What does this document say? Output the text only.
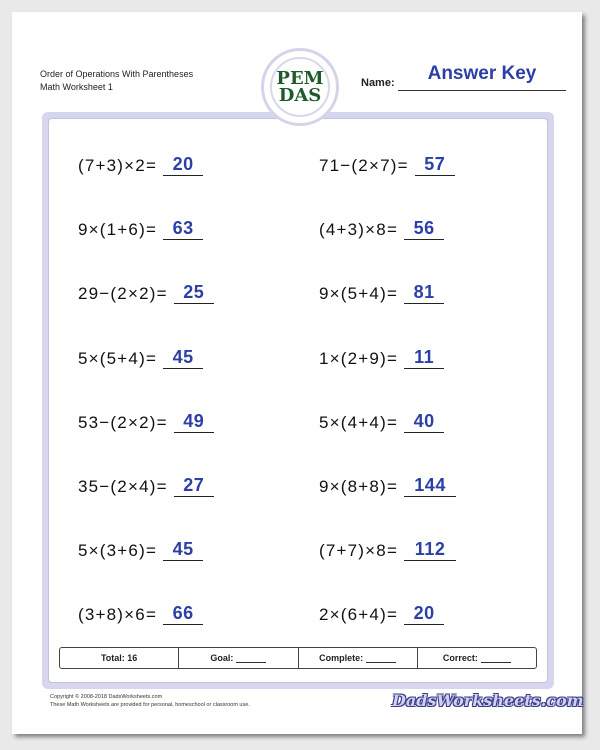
Order of Operations With Parentheses
Math Worksheet 1	PEM
DAS
Name:	Answer Key
(7+3)×2= 20
9×(1+6)= 63
29−(2×2)= 25
5×(5+4)= 45
53−(2×2)= 49
35−(2×4)= 27
5×(3+6)= 45
(3+8)×6= 66
71−(2×7)= 57
(4+3)×8= 56
9×(5+4)= 81
1×(2+9)= 11
5×(4+4)= 40
9×(8+8)= 144
(7+7)×8= 112
2×(6+4)= 20
Total: 16	Goal:	Complete:	Correct:
Copyright © 2008-2018 DadsWorksheets.com
These Math Worksheets are provided for personal, homeschool or classroom use.	DadsWorksheets.com
